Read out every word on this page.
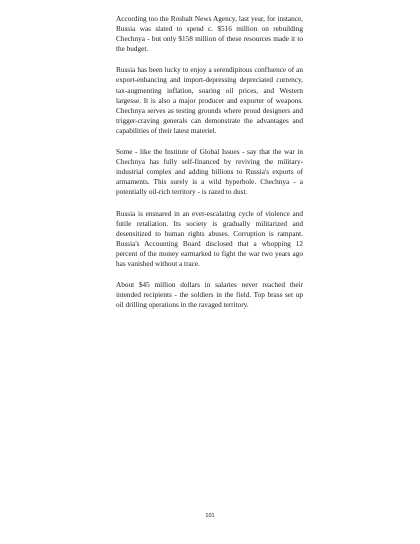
According too the Rosbalt News Agency, last year, for instance, Russia was slated to spend c. $516 million on rebuilding Chechnya - but only $158 million of these resources made it to the budget.

Russia has been lucky to enjoy a serendipitous confluence of an export-enhancing and import-depressing depreciated currency, tax-augmenting inflation, soaring oil prices, and Western largesse. It is also a major producer and exporter of weapons. Chechnya serves as testing grounds where proud designers and trigger-craving generals can demonstrate the advantages and capabilities of their latest materiel.

Some - like the Institute of Global Issues - say that the war in Chechnya has fully self-financed by reviving the military-industrial complex and adding billions to Russia's exports of armaments. This surely is a wild hyperbole. Chechnya - a potentially oil-rich territory - is razed to dust.

Russia is ensnared in an ever-escalating cycle of violence and futile retaliation. Its society is gradually militarized and desensitized to human rights abuses. Corruption is rampant. Russia's Accounting Board disclosed that a whopping 12 percent of the money earmarked to fight the war two years ago has vanished without a trace.

About $45 million dollars in salaries never reached their intended recipients - the soldiers in the field. Top brass set up oil drilling operations in the ravaged territory.

101
